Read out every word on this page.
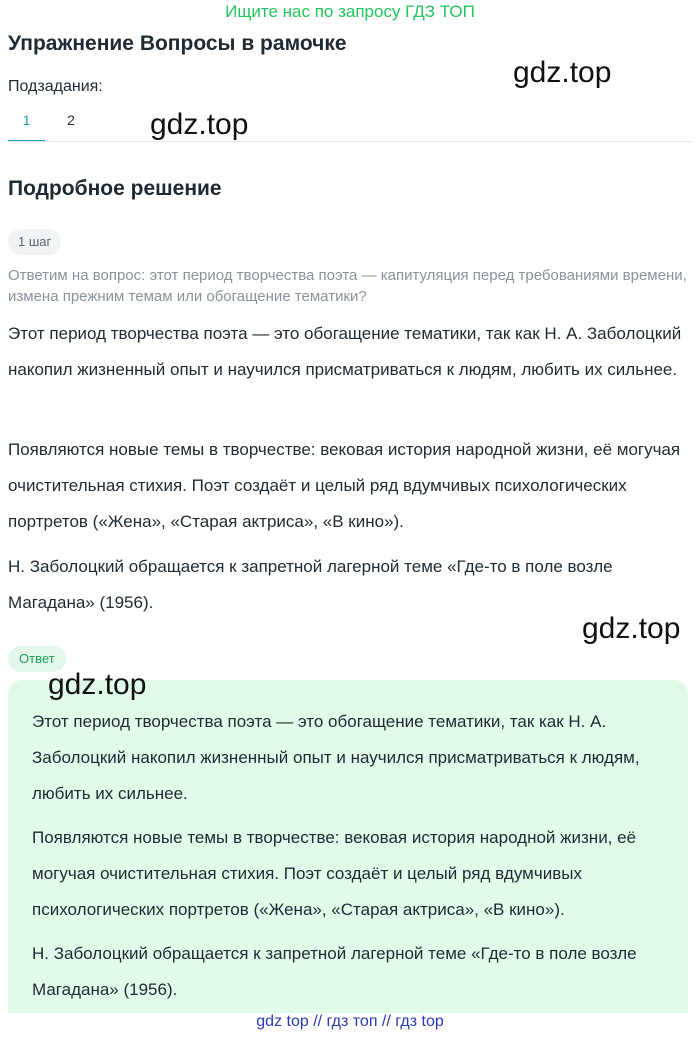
Ищите нас по запросу ГДЗ ТОП
Упражнение Вопросы в рамочке
Подзадания:
1	2
Подробное решение
1 шаг
Ответим на вопрос: этот период творчества поэта — капитуляция перед требованиями времени, измена прежним темам или обогащение тематики?
Этот период творчества поэта — это обогащение тематики, так как Н. А. Заболоцкий накопил жизненный опыт и научился присматриваться к людям, любить их сильнее.
Появляются новые темы в творчестве: вековая история народной жизни, её могучая очистительная стихия. Поэт создаёт и целый ряд вдумчивых психологических портретов («Жена», «Старая актриса», «В кино»).
Н. Заболоцкий обращается к запретной лагерной теме «Где-то в поле возле Магадана» (1956).
Ответ
Этот период творчества поэта — это обогащение тематики, так как Н. А. Заболоцкий накопил жизненный опыт и научился присматриваться к людям, любить их сильнее.
Появляются новые темы в творчестве: вековая история народной жизни, её могучая очистительная стихия. Поэт создаёт и целый ряд вдумчивых психологических портретов («Жена», «Старая актриса», «В кино»).
Н. Заболоцкий обращается к запретной лагерной теме «Где-то в поле возле Магадана» (1956).
gdz.top
gdz.top
gdz.top
gdz.top
gdz top // гдз топ // гдз top
